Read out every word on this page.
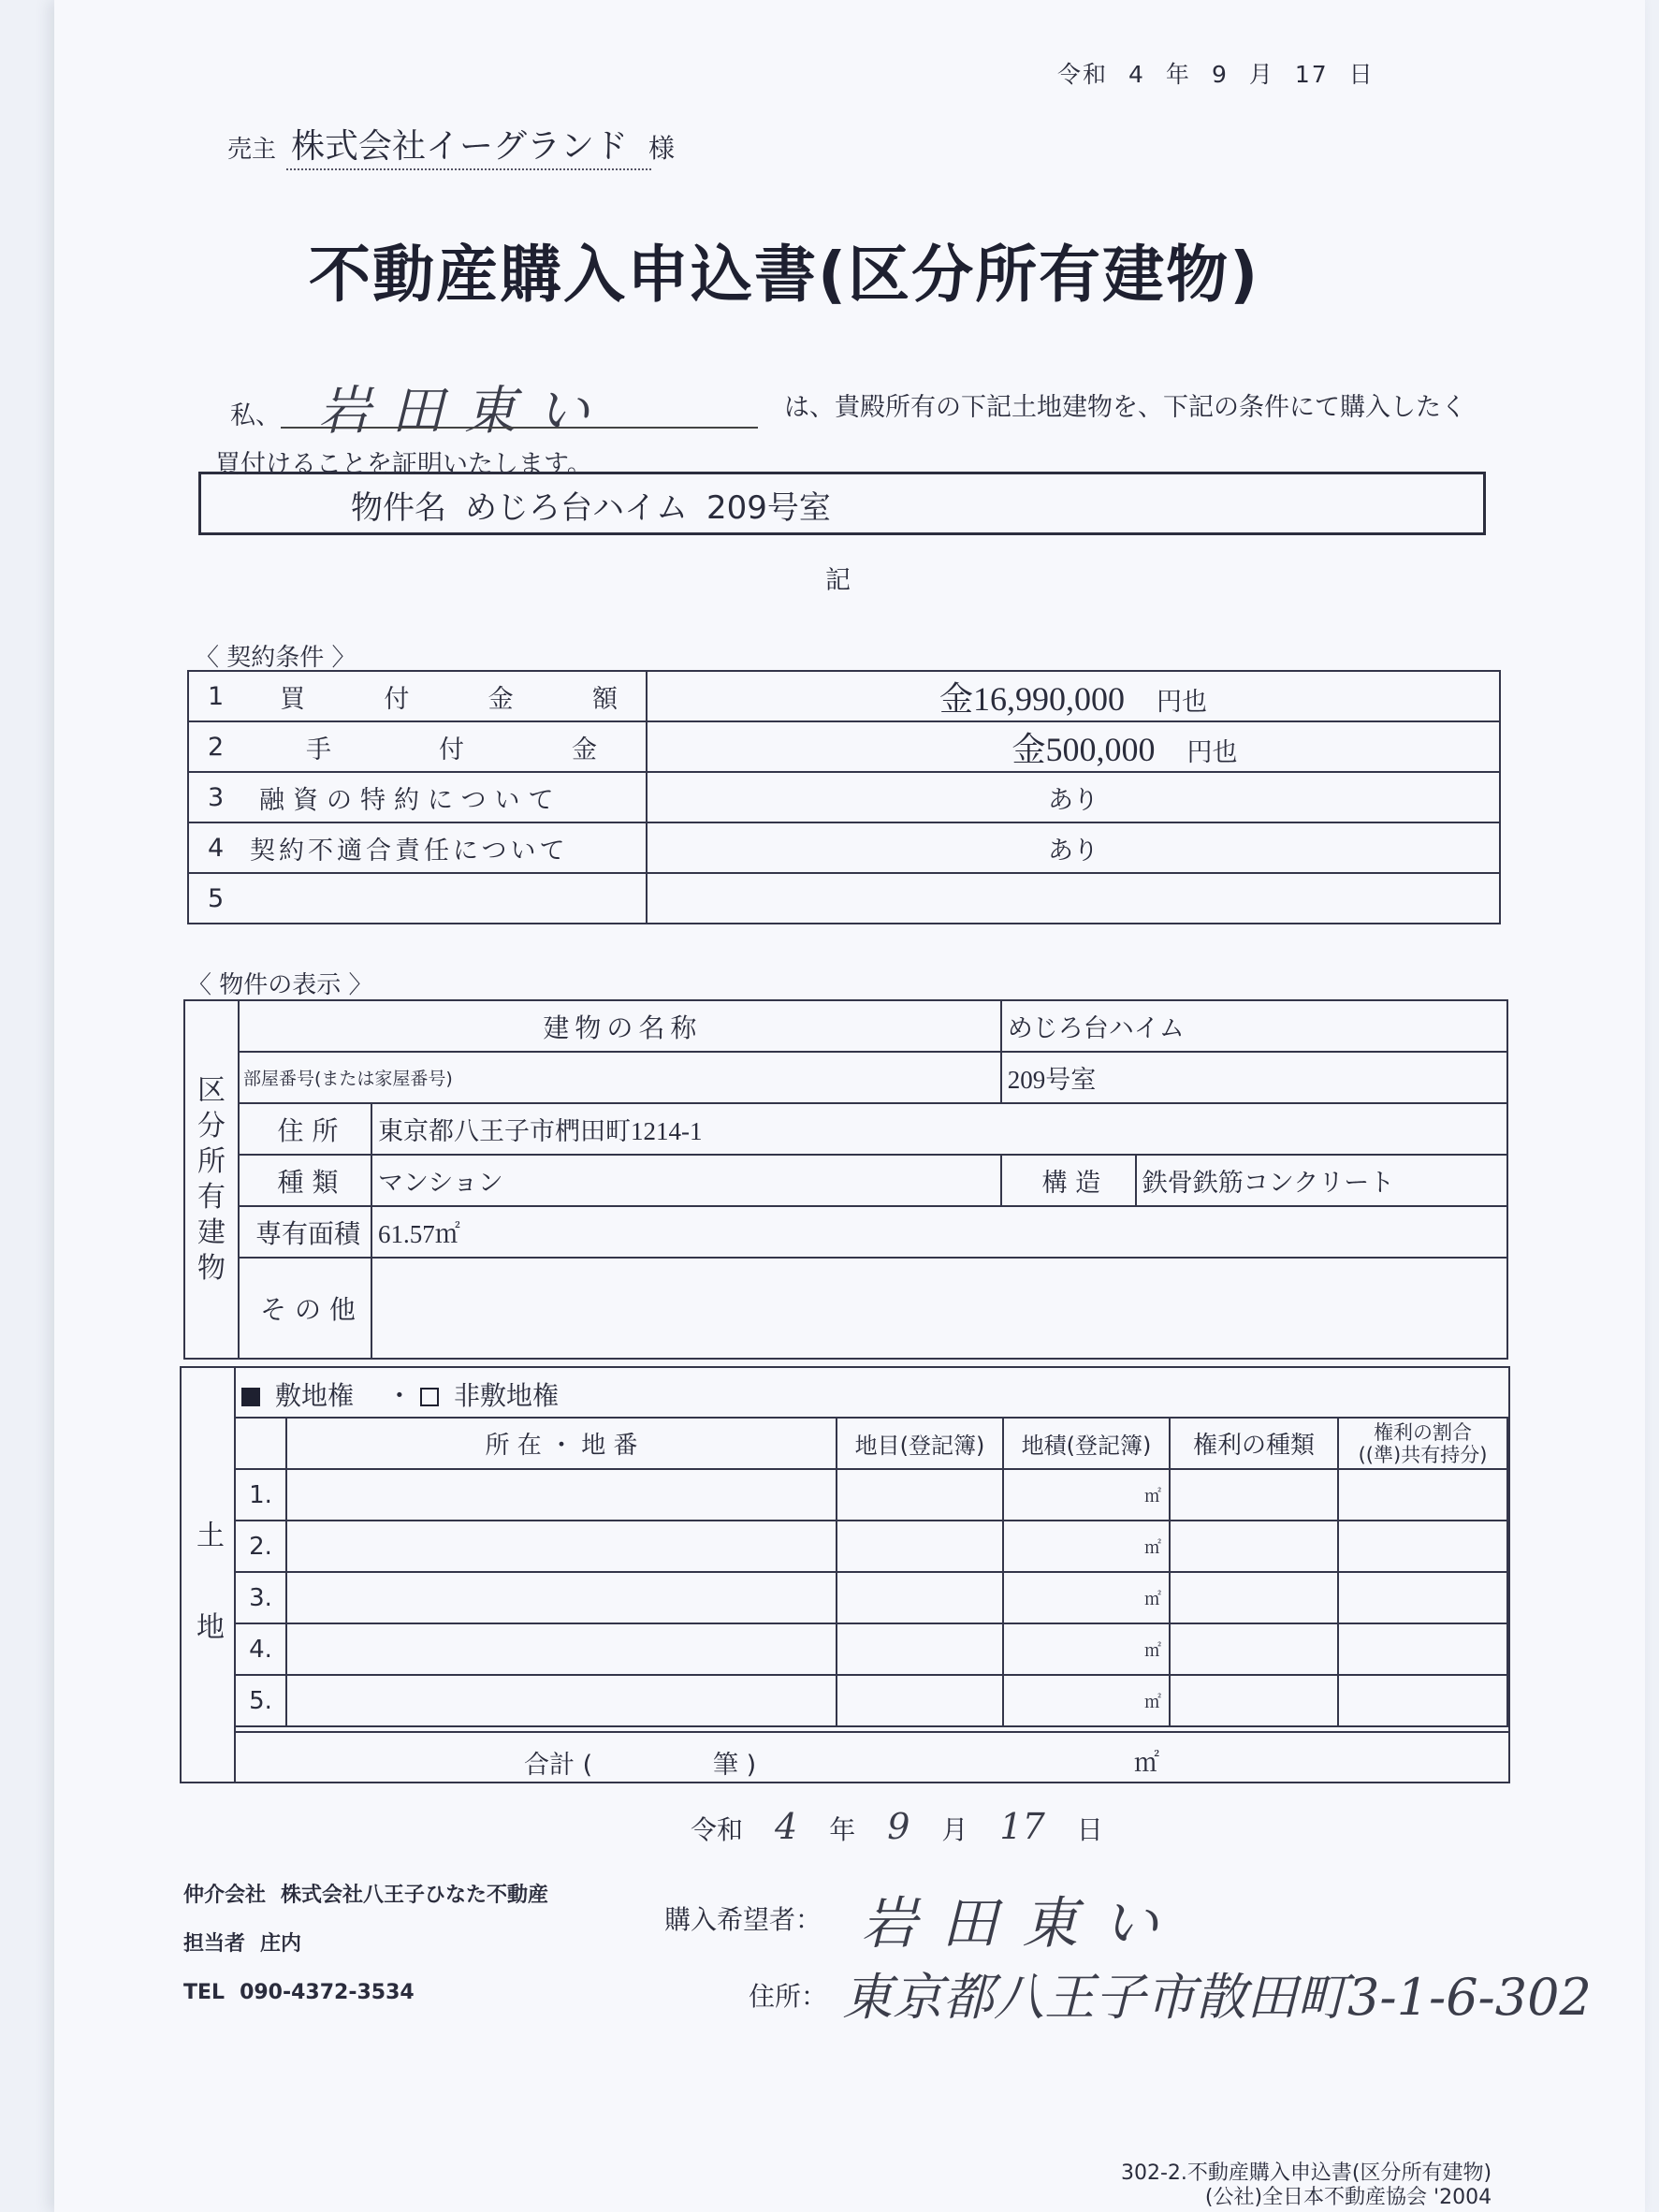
令和 4 年 9 月 17 日
売主 株式会社イーグランド 様
不動産購入申込書(区分所有建物)
私、 岩田東い	は、貴殿所有の下記土地建物を、下記の条件にて購入したく
買付けることを証明いたします。
物件名 めじろ台ハイム 209号室
記
〈 契約条件 〉
1	買 付 金 額	金16,990,000 円也
2	手 付 金	金500,000 円也
3	融資の特約について	あり
4	契約不適合責任について	あり
5		
〈 物件の表示 〉
区分所有建物	建物の名称		めじろ台ハイム	
	部屋番号(または家屋番号)		209号室	
	住 所	東京都八王子市椚田町1214-1		
	種 類	マンション	構 造	鉄骨鉄筋コンクリート
	専有面積	61.57㎡		
	そ の 他			
土
地
敷地権 ・ 非敷地権
	所 在 ・ 地 番	地目(登記簿)	地積(登記簿)	権利の種類	権利の割合
((準)共有持分)

1.			㎡		
2.			㎡		
3.			㎡		
4.			㎡		
5.			㎡		
合計 (	筆 )	㎡
令和 4 年 9 月 17 日
仲介会社 株式会社八王子ひなた不動産
担当者 庄内
TEL 090-4372-3534
購入希望者： 岩田東い
住所： 東京都八王子市散田町3-1-6-302
302-2.不動産購入申込書(区分所有建物)
(公社)全日本不動産協会 '2004
